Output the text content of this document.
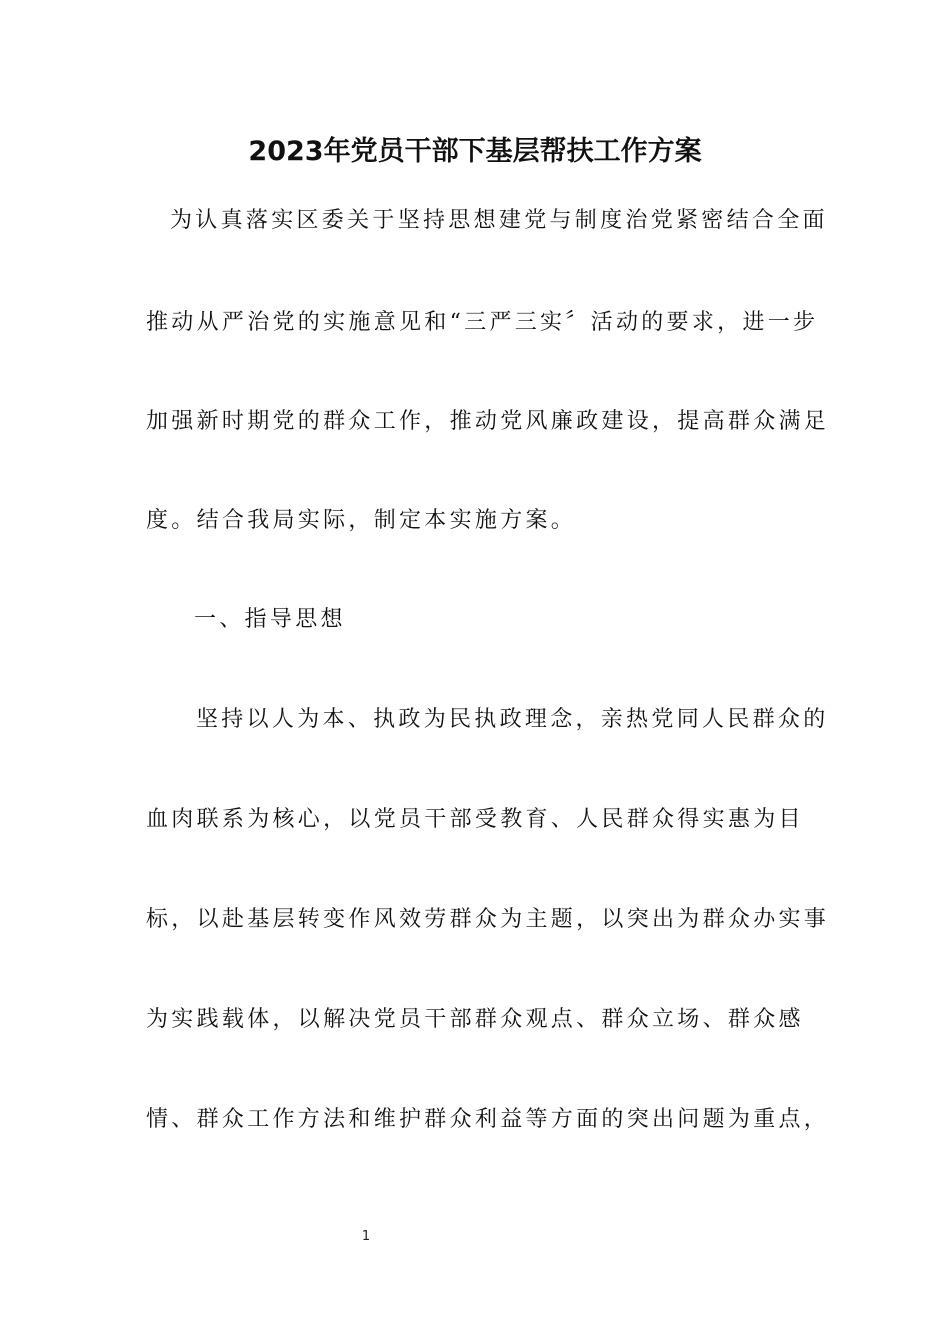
2023年党员干部下基层帮扶工作方案
为认真落实区委关于坚持思想建党与制度治党紧密结合全面
推动从严治党的实施意见和“三严三实〞活动的要求，进一步
加强新时期党的群众工作，推动党风廉政建设，提高群众满足
度。结合我局实际，制定本实施方案。
一、指导思想
坚持以人为本、执政为民执政理念，亲热党同人民群众的
血肉联系为核心，以党员干部受教育、人民群众得实惠为目
标，以赴基层转变作风效劳群众为主题，以突出为群众办实事
为实践载体，以解决党员干部群众观点、群众立场、群众感
情、群众工作方法和维护群众利益等方面的突出问题为重点，
1
